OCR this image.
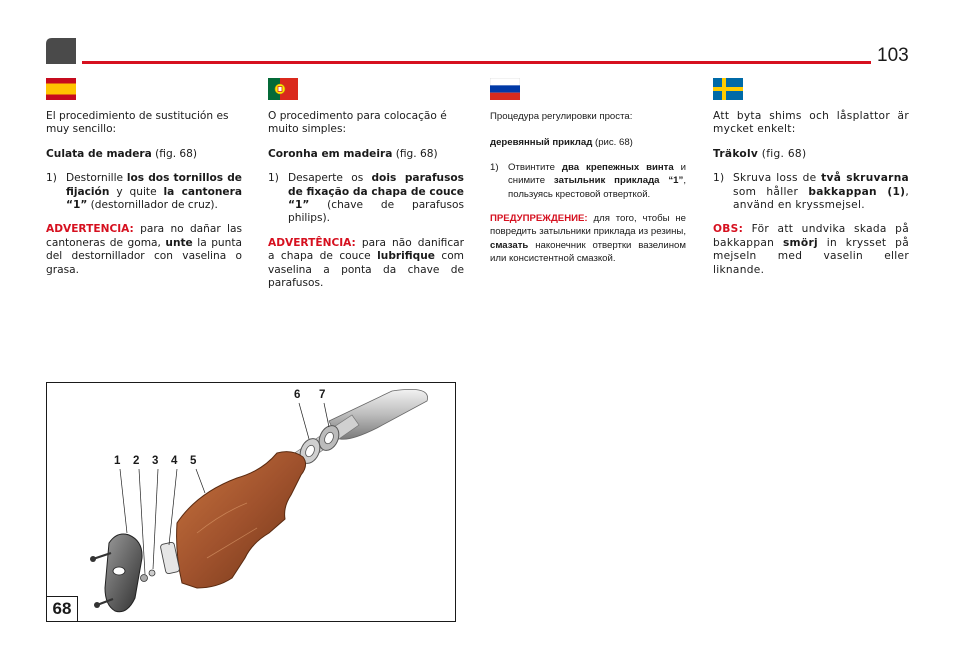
103

El procedimiento de sustitución es muy sencillo:

Culata de madera (fig. 68)

1) Destornille los dos tornillos de fijación y quite la cantonera “1” (destornillador de cruz).

ADVERTENCIA: para no dañar las cantoneras de goma, unte la punta del destornillador con vaselina o grasa.

O procedimento para colocação é muito simples:

Coronha em madeira (fig. 68)

1) Desaperte os dois parafusos de fixação da chapa de couce “1” (chave de parafusos philips).

ADVERTÊNCIA: para não danificar a chapa de couce lubrifique com vaselina a ponta da chave de parafusos.

Процедура регулировки проста:

деревянный приклад (рис. 68)

1) Отвинтите два крепежных винта и снимите затыльник приклада “1”, пользуясь крестовой отверткой.

ПРЕДУПРЕЖДЕНИЕ: для того, чтобы не повредить затыльники приклада из резины, смазать наконечник отвертки вазелином или консистентной смазкой.

Att byta shims och låsplattor är mycket enkelt:

Träkolv (fig. 68)

1) Skruva loss de två skruvarna som håller bakkappan (1), använd en kryssmejsel.

OBS: För att undvika skada på bakkappan smörj in krysset på mejseln med vaselin eller liknande.

1 2 3 4 5
6 7
68
